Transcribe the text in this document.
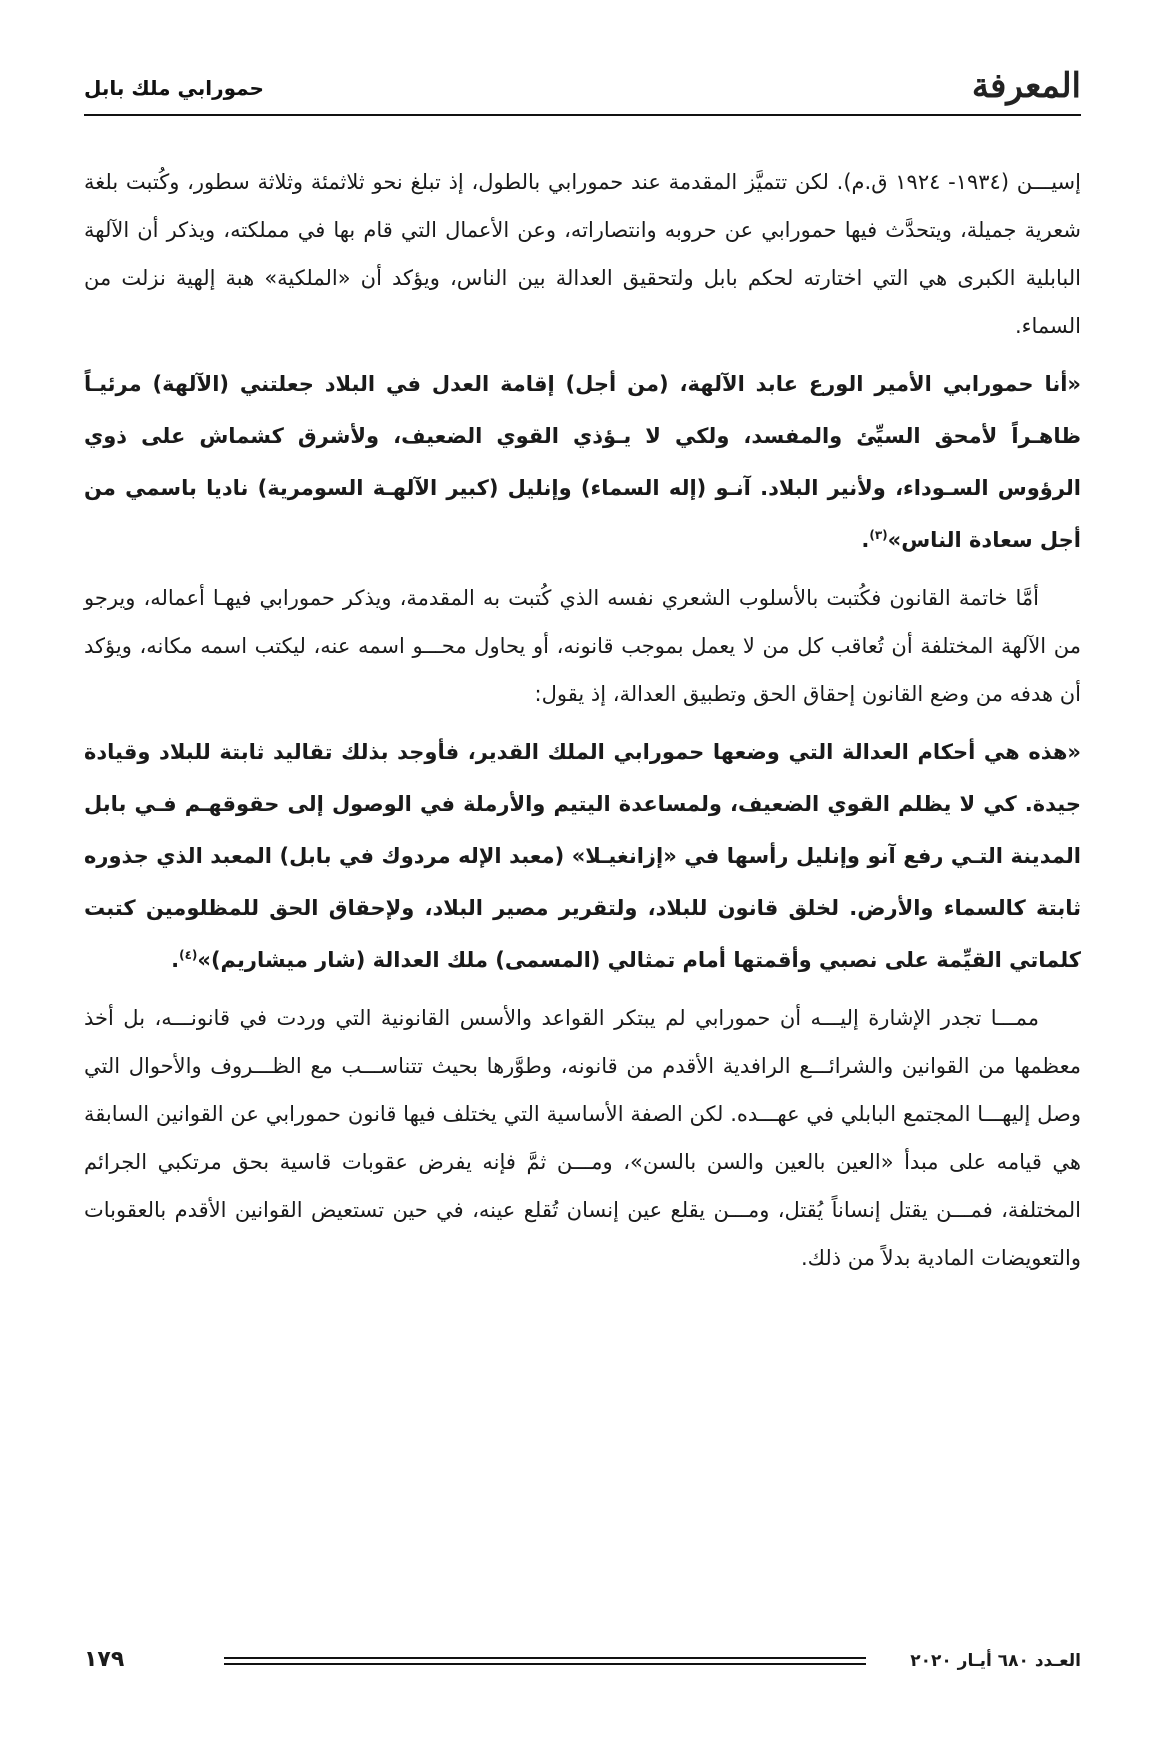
المعرفة
حمورابي ملك بابل

إسيـــن (١٩٣٤- ١٩٢٤ ق.م). لكن تتميَّز المقدمة عند حمورابي بالطول، إذ تبلغ نحو ثلاثمئة وثلاثة سطور، وكُتبت بلغة شعرية جميلة، ويتحدَّث فيها حمورابي عن حروبه وانتصاراته، وعن الأعمال التي قام بها في مملكته، ويذكر أن الآلهة البابلية الكبرى هي التي اختارته لحكم بابل ولتحقيق العدالة بين الناس، ويؤكد أن «الملكية» هبة إلهية نزلت من السماء.

«أنا حمورابي الأمير الورع عابد الآلهة، (من أجل) إقامة العدل في البلاد جعلتني (الآلهة) مرئيـاً ظاهـراً لأمحق السيِّئ والمفسد، ولكي لا يـؤذي القوي الضعيف، ولأشرق كشماش على ذوي الرؤوس السـوداء، ولأنير البلاد. آنـو (إله السماء) وإنليل (كبير الآلهـة السومرية) ناديا باسمي من أجل سعادة الناس»$^{(٣)}$.

أمَّا خاتمة القانون فكُتبت بالأسلوب الشعري نفسه الذي كُتبت به المقدمة، ويذكر حمورابي فيهـا أعماله، ويرجو من الآلهة المختلفة أن تُعاقب كل من لا يعمل بموجب قانونه، أو يحاول محـــو اسمه عنه، ليكتب اسمه مكانه، ويؤكد أن هدفه من وضع القانون إحقاق الحق وتطبيق العدالة، إذ يقول:

«هذه هي أحكام العدالة التي وضعها حمورابي الملك القدير، فأوجد بذلك تقاليد ثابتة للبلاد وقيادة جيدة. كي لا يظلم القوي الضعيف، ولمساعدة اليتيم والأرملة في الوصول إلى حقوقهـم فـي بابل المدينة التـي رفع آنو وإنليل رأسها في «إزانغيـلا» (معبد الإله مردوك في بابل) المعبد الذي جذوره ثابتة كالسماء والأرض. لخلق قانون للبلاد، ولتقرير مصير البلاد، ولإحقاق الحق للمظلومين كتبت كلماتي القيِّمة على نصبي وأقمتها أمام تمثالي (المسمى) ملك العدالة (شار ميشاريم)»$^{(٤)}$.

ممـــا تجدر الإشارة إليـــه أن حمورابي لم يبتكر القواعد والأسس القانونية التي وردت في قانونـــه، بل أخذ معظمها من القوانين والشرائـــع الرافدية الأقدم من قانونه، وطوَّرها بحيث تتناســـب مع الظـــروف والأحوال التي وصل إليهـــا المجتمع البابلي في عهـــده. لكن الصفة الأساسية التي يختلف فيها قانون حمورابي عن القوانين السابقة هي قيامه على مبدأ «العين بالعين والسن بالسن»، ومـــن ثمَّ فإنه يفرض عقوبات قاسية بحق مرتكبي الجرائم المختلفة، فمـــن يقتل إنساناً يُقتل، ومـــن يقلع عين إنسان تُقلع عينه، في حين تستعيض القوانين الأقدم بالعقوبات والتعويضات المادية بدلاً من ذلك.

العـدد ٦٨٠ أيـار ٢٠٢٠
١٧٩
